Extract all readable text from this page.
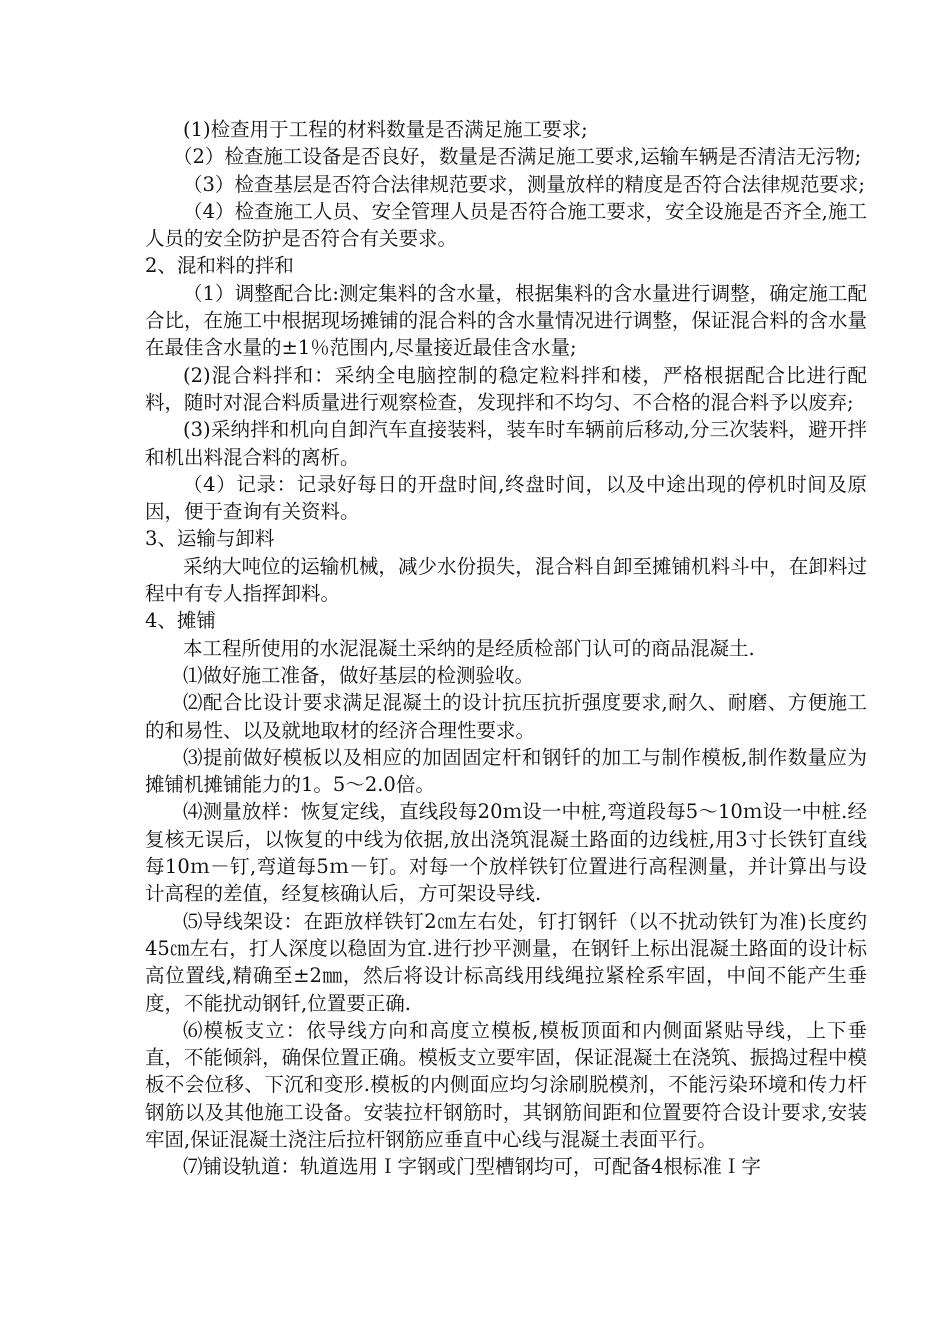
(1)检查用于工程的材料数量是否满足施工要求;

（2）检查施工设备是否良好，数量是否满足施工要求,运输车辆是否清洁无污物;

（3）检查基层是否符合法律规范要求，测量放样的精度是否符合法律规范要求;

（4）检查施工人员、安全管理人员是否符合施工要求，安全设施是否齐全,施工人员的安全防护是否符合有关要求。

2、混和料的拌和

（1）调整配合比:测定集料的含水量，根据集料的含水量进行调整，确定施工配合比，在施工中根据现场摊铺的混合料的含水量情况进行调整，保证混合料的含水量在最佳含水量的±1％范围内,尽量接近最佳含水量;

(2)混合料拌和：采纳全电脑控制的稳定粒料拌和楼，严格根据配合比进行配料，随时对混合料质量进行观察检查，发现拌和不均匀、不合格的混合料予以废弃;

(3)采纳拌和机向自卸汽车直接装料，装车时车辆前后移动,分三次装料，避开拌和机出料混合料的离析。

（4）记录：记录好每日的开盘时间,终盘时间，以及中途出现的停机时间及原因，便于查询有关资料。

3、运输与卸料

采纳大吨位的运输机械，减少水份损失，混合料自卸至摊铺机料斗中，在卸料过程中有专人指挥卸料。

4、摊铺

本工程所使用的水泥混凝土采纳的是经质检部门认可的商品混凝土.

⑴做好施工准备，做好基层的检测验收。

⑵配合比设计要求满足混凝土的设计抗压抗折强度要求,耐久、耐磨、方便施工的和易性、以及就地取材的经济合理性要求。

⑶提前做好模板以及相应的加固固定杆和钢钎的加工与制作模板,制作数量应为摊铺机摊铺能力的1。5～2.0倍。

⑷测量放样：恢复定线，直线段每20ｍ设一中桩,弯道段每5～10ｍ设一中桩.经复核无误后，以恢复的中线为依据,放出浇筑混凝土路面的边线桩,用3寸长铁钉直线每10ｍ－钉,弯道每5ｍ－钉。对每一个放样铁钉位置进行高程测量，并计算出与设计高程的差值，经复核确认后，方可架设导线.

⑸导线架设：在距放样铁钉2㎝左右处，钉打钢钎（以不扰动铁钉为准)长度约45㎝左右，打人深度以稳固为宜.进行抄平测量，在钢钎上标出混凝土路面的设计标高位置线,精确至±2㎜，然后将设计标高线用线绳拉紧栓系牢固，中间不能产生垂度，不能扰动钢钎,位置要正确.

⑹模板支立：依导线方向和高度立模板,模板顶面和内侧面紧贴导线，上下垂直，不能倾斜，确保位置正确。模板支立要牢固，保证混凝土在浇筑、振捣过程中模板不会位移、下沉和变形.模板的内侧面应均匀涂刷脱模剂，不能污染环境和传力杆钢筋以及其他施工设备。安装拉杆钢筋时，其钢筋间距和位置要符合设计要求,安装牢固,保证混凝土浇注后拉杆钢筋应垂直中心线与混凝土表面平行。

⑺铺设轨道：轨道选用Ｉ字钢或门型槽钢均可，可配备4根标准Ｉ字
